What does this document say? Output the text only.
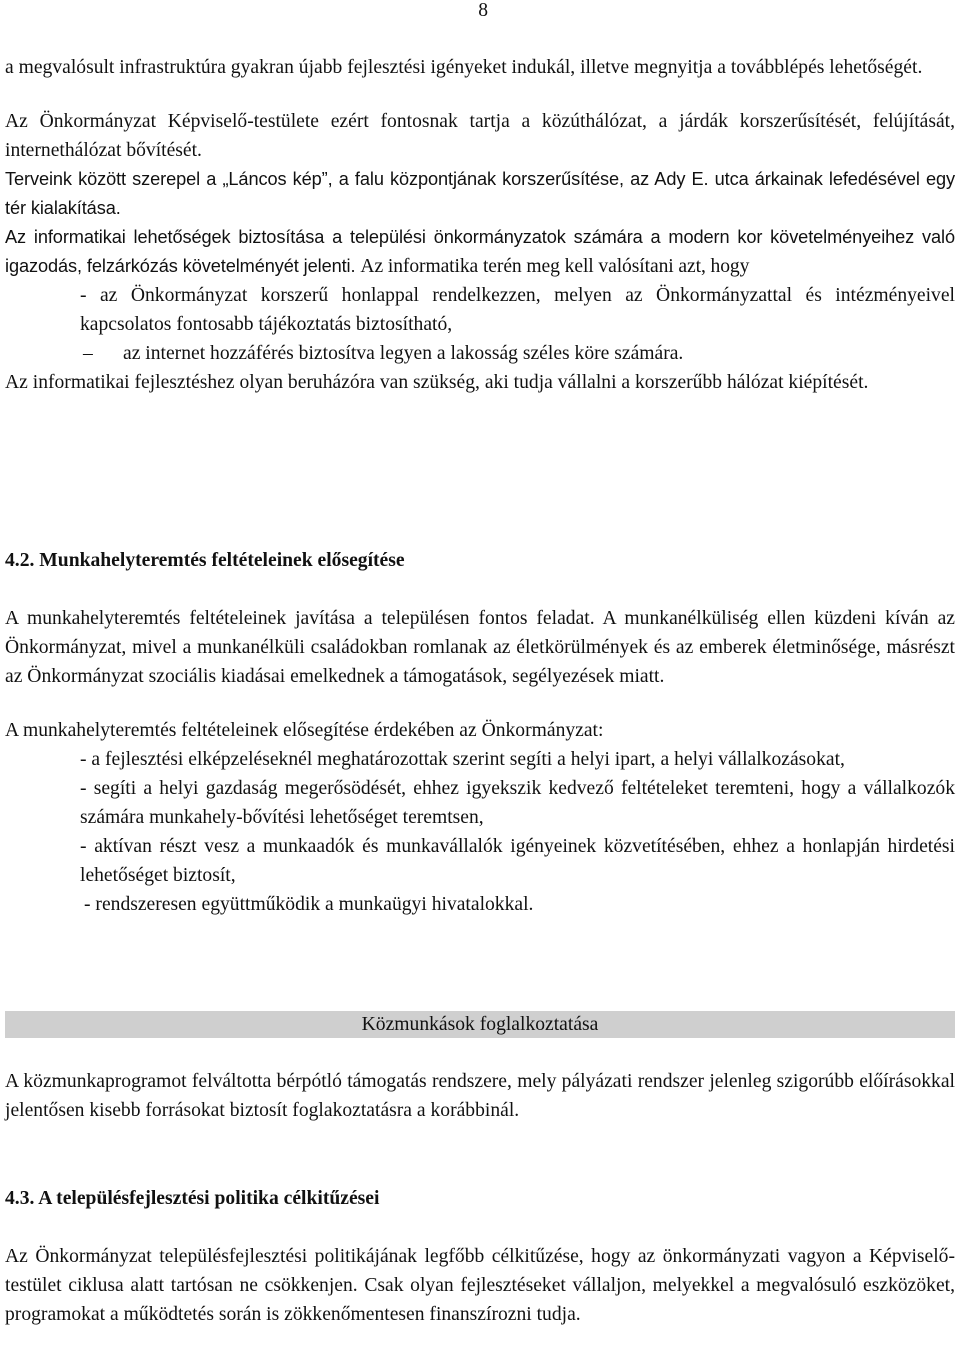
8

a megvalósult infrastruktúra gyakran újabb fejlesztési igényeket indukál, illetve megnyitja a továbblépés lehetőségét.

Az Önkormányzat Képviselő-testülete ezért fontosnak tartja a közúthálózat, a járdák korszerűsítését, felújítását, internethálózat bővítését.

Terveink között szerepel a „Láncos kép”, a falu központjának korszerűsítése, az Ady E. utca árkainak lefedésével egy tér kialakítása.

Az informatikai lehetőségek biztosítása a települési önkormányzatok számára a modern kor követelményeihez való igazodás, felzárkózás követelményét jelenti. Az informatika terén meg kell valósítani azt, hogy

- az Önkormányzat korszerű honlappal rendelkezzen, melyen az Önkormányzattal és intézményeivel kapcsolatos fontosabb tájékoztatás biztosítható,

–	az internet hozzáférés biztosítva legyen a lakosság széles köre számára.

Az informatikai fejlesztéshez olyan beruházóra van szükség, aki tudja vállalni a korszerűbb hálózat kiépítését.

4.2. Munkahelyteremtés feltételeinek elősegítése

A munkahelyteremtés feltételeinek javítása a településen fontos feladat. A munkanélküliség ellen küzdeni kíván az Önkormányzat, mivel a munkanélküli családokban romlanak az életkörülmények és az emberek életminősége, másrészt az Önkormányzat szociális kiadásai emelkednek a támogatások, segélyezések miatt.

A munkahelyteremtés feltételeinek elősegítése érdekében az Önkormányzat:

- a fejlesztési elképzeléseknél meghatározottak szerint segíti a helyi ipart, a helyi vállalkozásokat,

- segíti a helyi gazdaság megerősödését, ehhez igyekszik kedvező feltételeket teremteni, hogy a vállalkozók számára munkahely-bővítési lehetőséget teremtsen,

- aktívan részt vesz a munkaadók és munkavállalók igényeinek közvetítésében, ehhez a honlapján hirdetési lehetőséget biztosít,

- rendszeresen együttműködik a munkaügyi hivatalokkal.

Közmunkások foglalkoztatása

A közmunkaprogramot felváltotta bérpótló támogatás rendszere, mely pályázati rendszer jelenleg szigorúbb előírásokkal jelentősen kisebb forrásokat biztosít foglakoztatásra a korábbinál.

4.3. A településfejlesztési politika célkitűzései

Az Önkormányzat településfejlesztési politikájának legfőbb célkitűzése, hogy az önkormányzati vagyon a Képviselő-testület ciklusa alatt tartósan ne csökkenjen. Csak olyan fejlesztéseket vállaljon, melyekkel a megvalósuló eszközöket, programokat a működtetés során is zökkenőmentesen finanszírozni tudja.
